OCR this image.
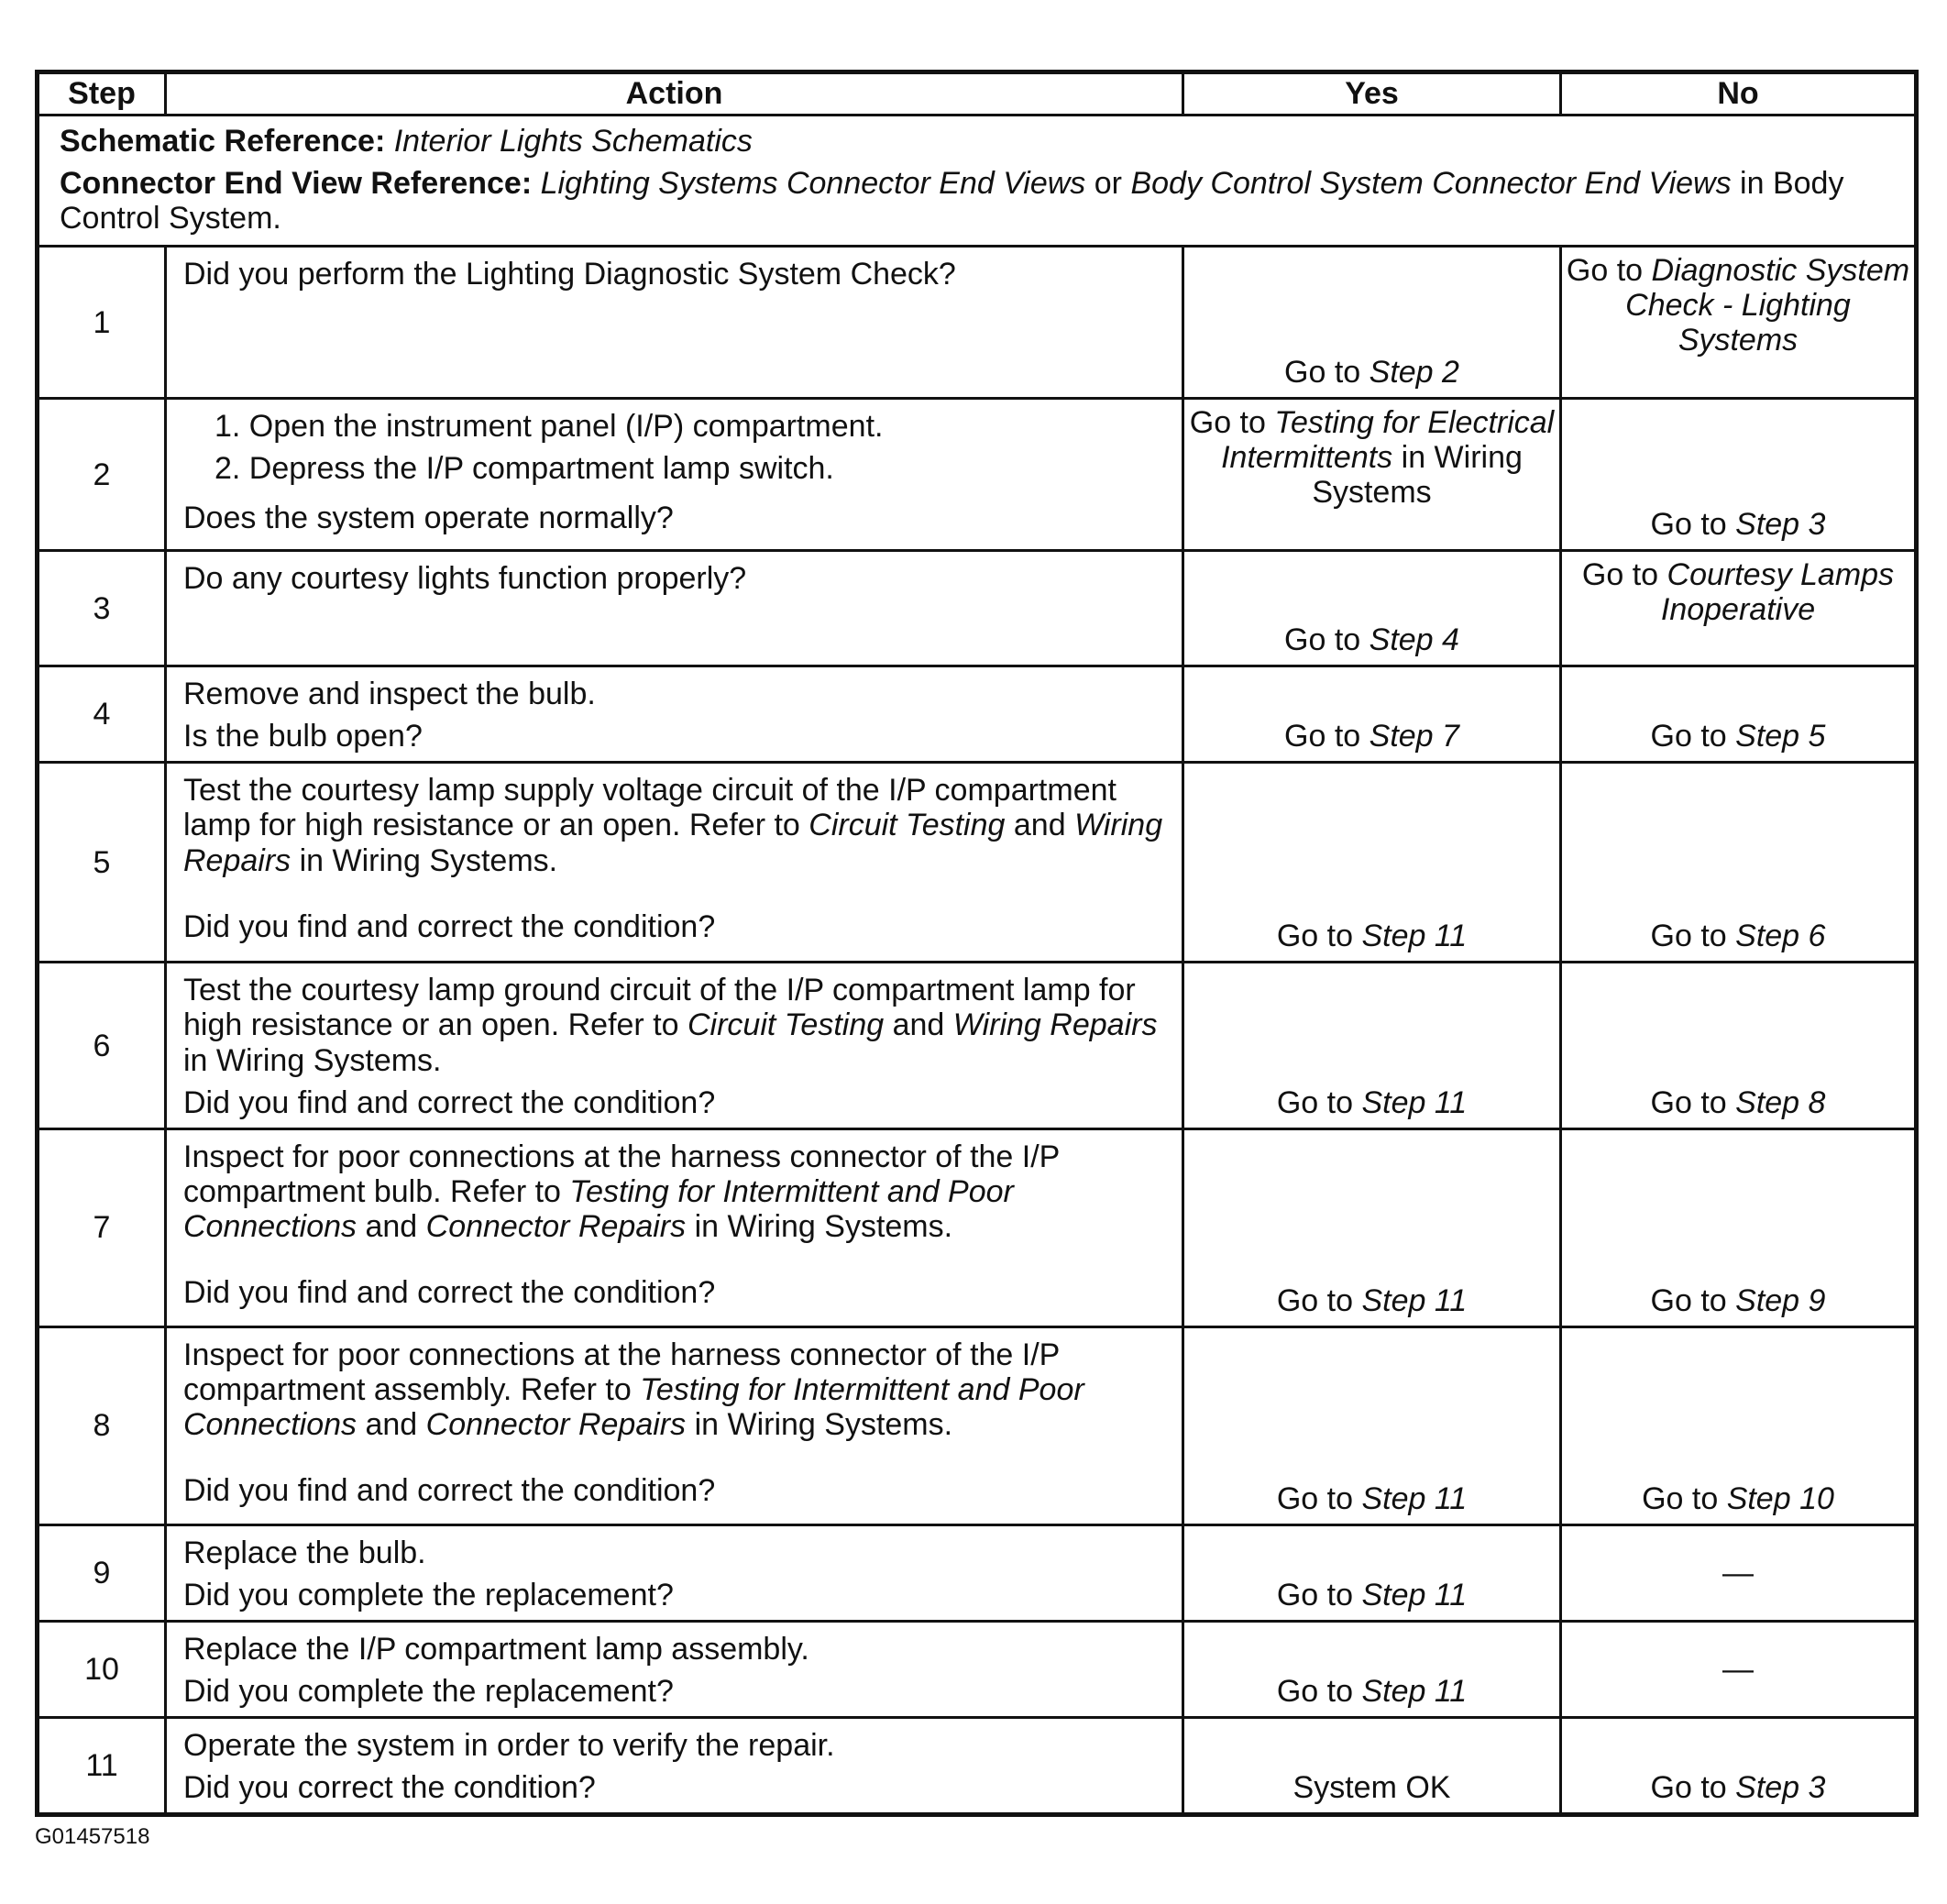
Step	Action	Yes	No

Schematic Reference: Interior Lights Schematics

Connector End View Reference: Lighting Systems Connector End Views or Body Control System Connector End Views in Body Control System.			

1	Did you perform the Lighting Diagnostic System Check?	Go to Step 2	Go to Diagnostic System Check - Lighting Systems
2	1. Open the instrument panel (I/P) compartment.

2. Depress the I/P compartment lamp switch.

Does the system operate normally?	Go to Testing for Electrical Intermittents in Wiring Systems	Go to Step 3
3	Do any courtesy lights function properly?	Go to Step 4	Go to Courtesy Lamps Inoperative
4	Remove and inspect the bulb.

Is the bulb open?	Go to Step 7	Go to Step 5
5	Test the courtesy lamp supply voltage circuit of the I/P compartment lamp for high resistance or an open. Refer to Circuit Testing and Wiring Repairs in Wiring Systems.

Did you find and correct the condition?	Go to Step 11	Go to Step 6
6	Test the courtesy lamp ground circuit of the I/P compartment lamp for high resistance or an open. Refer to Circuit Testing and Wiring Repairs in Wiring Systems.

Did you find and correct the condition?	Go to Step 11	Go to Step 8
7	Inspect for poor connections at the harness connector of the I/P compartment bulb. Refer to Testing for Intermittent and Poor Connections and Connector Repairs in Wiring Systems.

Did you find and correct the condition?	Go to Step 11	Go to Step 9
8	Inspect for poor connections at the harness connector of the I/P compartment assembly. Refer to Testing for Intermittent and Poor Connections and Connector Repairs in Wiring Systems.

Did you find and correct the condition?	Go to Step 11	Go to Step 10
9	Replace the bulb.

Did you complete the replacement?	Go to Step 11	—
10	Replace the I/P compartment lamp assembly.

Did you complete the replacement?	Go to Step 11	—
11	Operate the system in order to verify the repair.

Did you correct the condition?	System OK	Go to Step 3
G01457518
